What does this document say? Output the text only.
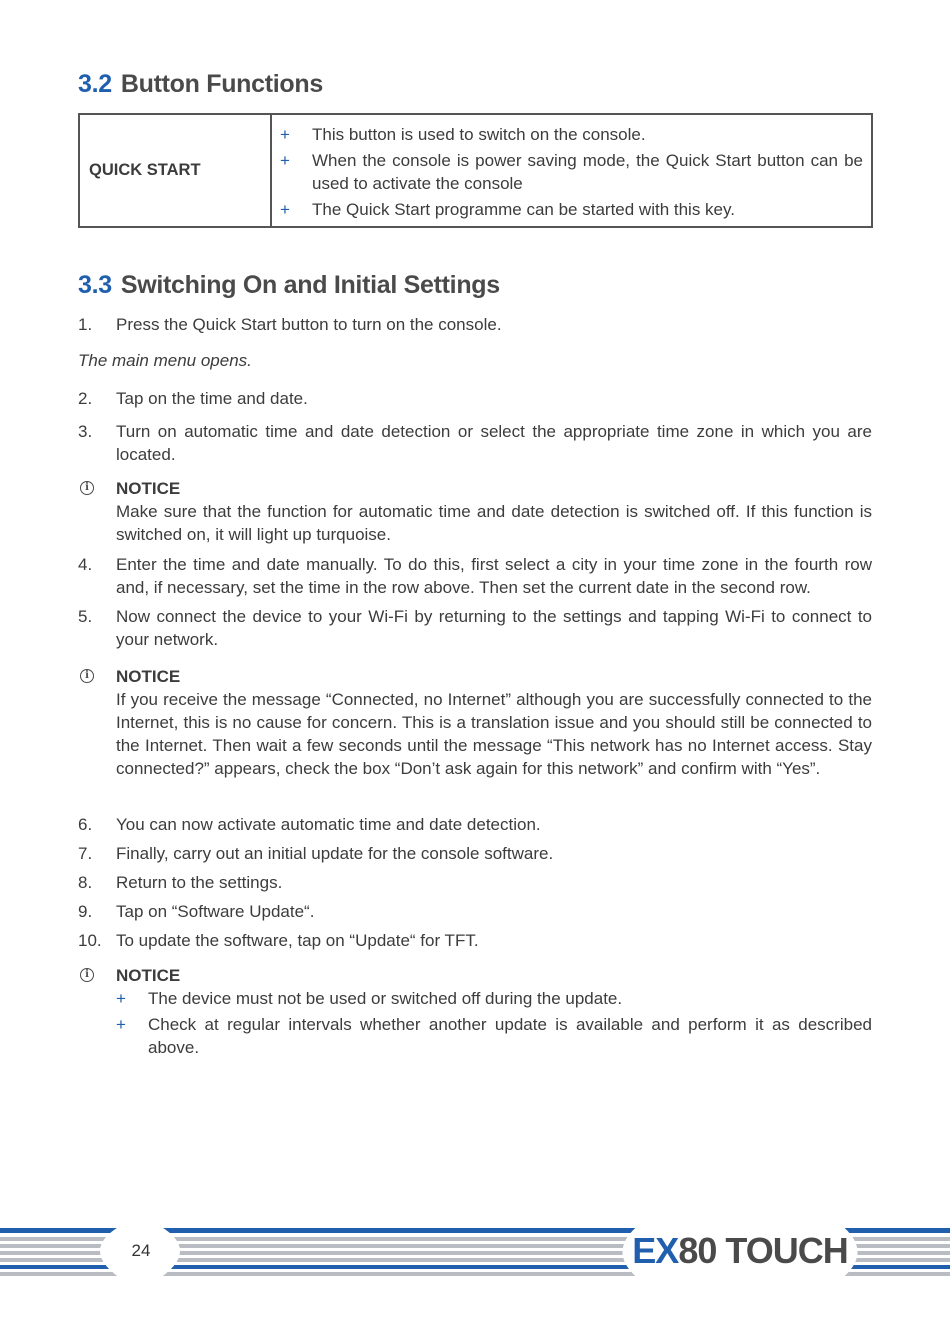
3.2 Button Functions
QUICK START
+	This button is used to switch on the console.
+	When the console is power saving mode, the Quick Start button can be used to activate the console
+	The Quick Start programme can be started with this key.
3.3 Switching On and Initial Settings
1.	Press the Quick Start button to turn on the console.
The main menu opens.
2.	Tap on the time and date.
3.	Turn on automatic time and date detection or select the appropriate time zone in which you are located.
i NOTICE
Make sure that the function for automatic time and date detection is switched off. If this function is switched on, it will light up turquoise.
4.	Enter the time and date manually. To do this, first select a city in your time zone in the fourth row and, if necessary, set the time in the row above. Then set the current date in the second row.
5.	Now connect the device to your Wi-Fi by returning to the settings and tapping Wi-Fi to connect to your network.
i NOTICE
If you receive the message “Connected, no Internet” although you are successfully connected to the Internet, this is no cause for concern. This is a translation issue and you should still be connected to the Internet. Then wait a few seconds until the message “This network has no Internet access. Stay connected?” appears, check the box “Don’t ask again for this network” and confirm with “Yes”.
6.	You can now activate automatic time and date detection.
7.	Finally, carry out an initial update for the console software.
8.	Return to the settings.
9.	Tap on “Software Update“.
10. To update the software, tap on “Update“ for TFT.
i NOTICE
+	The device must not be used or switched off during the update.
+	Check at regular intervals whether another update is available and perform it as described above.
24	EX80 TOUCH
